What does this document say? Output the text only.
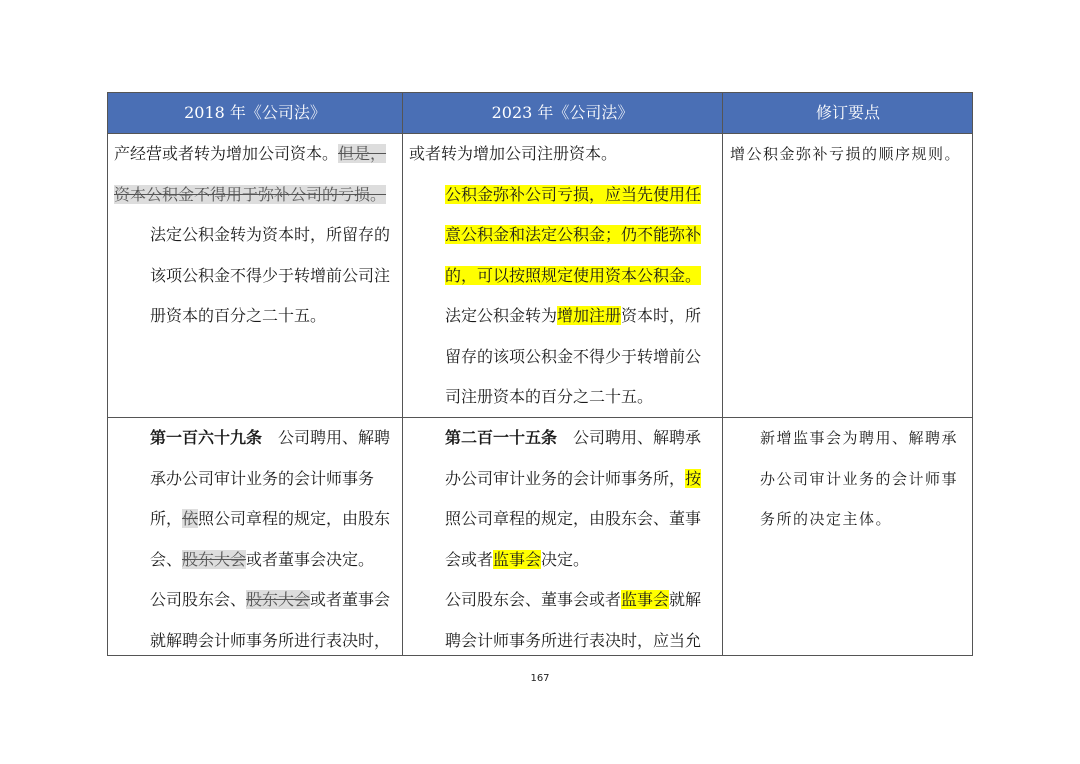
2018 年《公司法》	2023 年《公司法》	修订要点

产经营或者转为增加公司资本。但是，资本公积金不得用于弥补公司的亏损。

法定公积金转为资本时，所留存的该项公积金不得少于转增前公司注册资本的百分之二十五。

或者转为增加公司注册资本。

公积金弥补公司亏损，应当先使用任意公积金和法定公积金；仍不能弥补的，可以按照规定使用资本公积金。

法定公积金转为增加注册资本时，所留存的该项公积金不得少于转增前公司注册资本的百分之二十五。

增公积金弥补亏损的顺序规则。

第一百六十九条　公司聘用、解聘承办公司审计业务的会计师事务所，依照公司章程的规定，由股东会、股东大会或者董事会决定。

公司股东会、股东大会或者董事会就解聘会计师事务所进行表决时，

第二百一十五条　公司聘用、解聘承办公司审计业务的会计师事务所，按照公司章程的规定，由股东会、董事会或者监事会决定。

公司股东会、董事会或者监事会就解聘会计师事务所进行表决时，应当允

新增监事会为聘用、解聘承办公司审计业务的会计师事务所的决定主体。
167
